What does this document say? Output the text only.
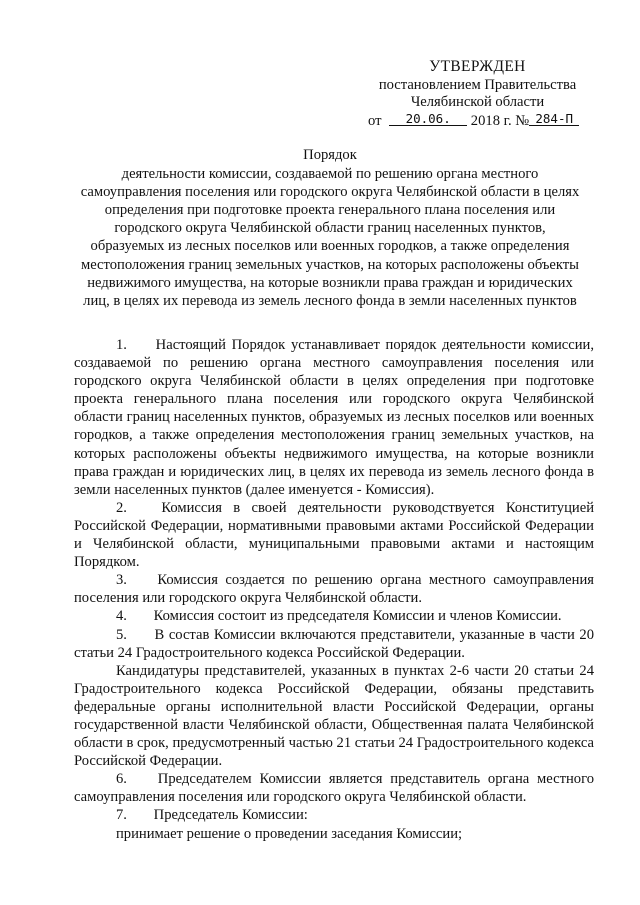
УТВЕРЖДЕН
постановлением Правительства
Челябинской области
от 20.06. 2018 г. № 284-П
Порядок
деятельности комиссии, создаваемой по решению органа местного
самоуправления поселения или городского округа Челябинской области в целях
определения при подготовке проекта генерального плана поселения или
городского округа Челябинской области границ населенных пунктов,
образуемых из лесных поселков или военных городков, а также определения
местоположения границ земельных участков, на которых расположены объекты
недвижимого имущества, на которые возникли права граждан и юридических
лиц, в целях их перевода из земель лесного фонда в земли населенных пунктов

1. Настоящий Порядок устанавливает порядок деятельности комиссии, создаваемой по решению органа местного самоуправления поселения или городского округа Челябинской области в целях определения при подготовке проекта генерального плана поселения или городского округа Челябинской области границ населенных пунктов, образуемых из лесных поселков или военных городков, а также определения местоположения границ земельных участков, на которых расположены объекты недвижимого имущества, на которые возникли права граждан и юридических лиц, в целях их перевода из земель лесного фонда в земли населенных пунктов (далее именуется - Комиссия).

2. Комиссия в своей деятельности руководствуется Конституцией Российской Федерации, нормативными правовыми актами Российской Федерации и Челябинской области, муниципальными правовыми актами и настоящим Порядком.

3. Комиссия создается по решению органа местного самоуправления поселения или городского округа Челябинской области.

4. Комиссия состоит из председателя Комиссии и членов Комиссии.

5. В состав Комиссии включаются представители, указанные в части 20 статьи 24 Градостроительного кодекса Российской Федерации.

Кандидатуры представителей, указанных в пунктах 2-6 части 20 статьи 24 Градостроительного кодекса Российской Федерации, обязаны представить федеральные органы исполнительной власти Российской Федерации, органы государственной власти Челябинской области, Общественная палата Челябинской области в срок, предусмотренный частью 21 статьи 24 Градостроительного кодекса Российской Федерации.

6. Председателем Комиссии является представитель органа местного самоуправления поселения или городского округа Челябинской области.

7. Председатель Комиссии:

принимает решение о проведении заседания Комиссии;
